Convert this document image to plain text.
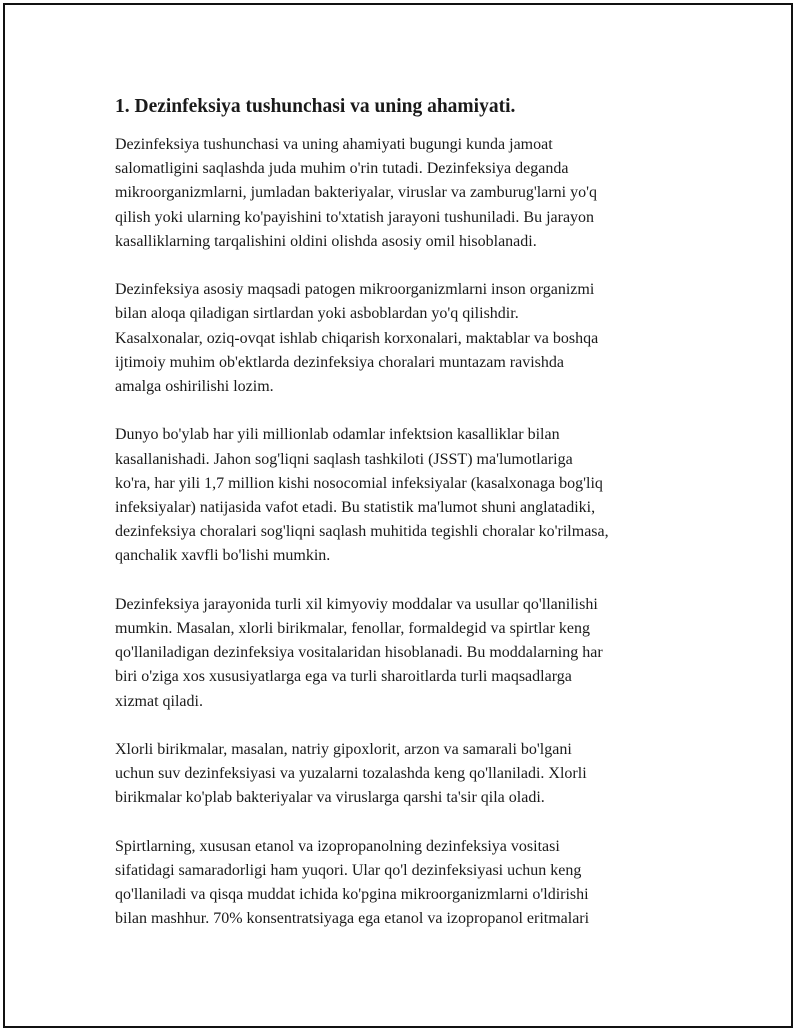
1. Dezinfeksiya tushunchasi va uning ahamiyati.

Dezinfeksiya tushunchasi va uning ahamiyati bugungi kunda jamoat
salomatligini saqlashda juda muhim o'rin tutadi. Dezinfeksiya deganda
mikroorganizmlarni, jumladan bakteriyalar, viruslar va zamburug'larni yo'q
qilish yoki ularning ko'payishini to'xtatish jarayoni tushuniladi. Bu jarayon
kasalliklarning tarqalishini oldini olishda asosiy omil hisoblanadi.

Dezinfeksiya asosiy maqsadi patogen mikroorganizmlarni inson organizmi
bilan aloqa qiladigan sirtlardan yoki asboblardan yo'q qilishdir.
Kasalxonalar, oziq-ovqat ishlab chiqarish korxonalari, maktablar va boshqa
ijtimoiy muhim ob'ektlarda dezinfeksiya choralari muntazam ravishda
amalga oshirilishi lozim.

Dunyo bo'ylab har yili millionlab odamlar infektsion kasalliklar bilan
kasallanishadi. Jahon sog'liqni saqlash tashkiloti (JSST) ma'lumotlariga
ko'ra, har yili 1,7 million kishi nosocomial infeksiyalar (kasalxonaga bog'liq
infeksiyalar) natijasida vafot etadi. Bu statistik ma'lumot shuni anglatadiki,
dezinfeksiya choralari sog'liqni saqlash muhitida tegishli choralar ko'rilmasa,
qanchalik xavfli bo'lishi mumkin.

Dezinfeksiya jarayonida turli xil kimyoviy moddalar va usullar qo'llanilishi
mumkin. Masalan, xlorli birikmalar, fenollar, formaldegid va spirtlar keng
qo'llaniladigan dezinfeksiya vositalaridan hisoblanadi. Bu moddalarning har
biri o'ziga xos xususiyatlarga ega va turli sharoitlarda turli maqsadlarga
xizmat qiladi.

Xlorli birikmalar, masalan, natriy gipoxlorit, arzon va samarali bo'lgani
uchun suv dezinfeksiyasi va yuzalarni tozalashda keng qo'llaniladi. Xlorli
birikmalar ko'plab bakteriyalar va viruslarga qarshi ta'sir qila oladi.

Spirtlarning, xususan etanol va izopropanolning dezinfeksiya vositasi
sifatidagi samaradorligi ham yuqori. Ular qo'l dezinfeksiyasi uchun keng
qo'llaniladi va qisqa muddat ichida ko'pgina mikroorganizmlarni o'ldirishi
bilan mashhur. 70% konsentratsiyaga ega etanol va izopropanol eritmalari
